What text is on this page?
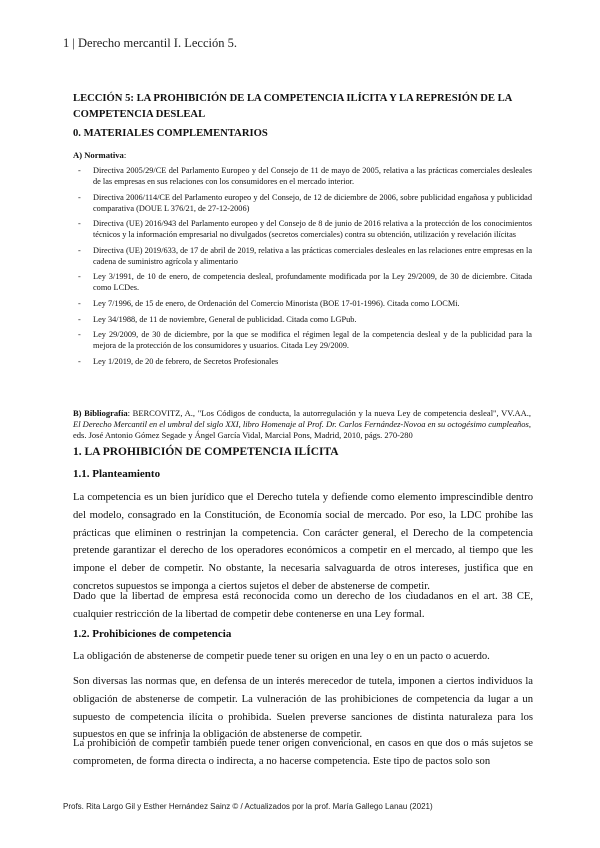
1 | Derecho mercantil I. Lección 5.
LECCIÓN 5: LA PROHIBICIÓN DE LA COMPETENCIA ILÍCITA Y LA REPRESIÓN DE LA COMPETENCIA DESLEAL
0. MATERIALES COMPLEMENTARIOS

A) Normativa:

- Directiva 2005/29/CE del Parlamento Europeo y del Consejo de 11 de mayo de 2005, relativa a las prácticas comerciales desleales de las empresas en sus relaciones con los consumidores en el mercado interior.
- Directiva 2006/114/CE del Parlamento europeo y del Consejo, de 12 de diciembre de 2006, sobre publicidad engañosa y publicidad comparativa (DOUE L 376/21, de 27-12-2006)
- Directiva (UE) 2016/943 del Parlamento europeo y del Consejo de 8 de junio de 2016 relativa a la protección de los conocimientos técnicos y la información empresarial no divulgados (secretos comerciales) contra su obtención, utilización y revelación ilícitas
- Directiva (UE) 2019/633, de 17 de abril de 2019, relativa a las prácticas comerciales desleales en las relaciones entre empresas en la cadena de suministro agrícola y alimentario
- Ley 3/1991, de 10 de enero, de competencia desleal, profundamente modificada por la Ley 29/2009, de 30 de diciembre. Citada como LCDes.
- Ley 7/1996, de 15 de enero, de Ordenación del Comercio Minorista (BOE 17-01-1996). Citada como LOCMi.
- Ley 34/1988, de 11 de noviembre, General de publicidad. Citada como LGPub.
- Ley 29/2009, de 30 de diciembre, por la que se modifica el régimen legal de la competencia desleal y de la publicidad para la mejora de la protección de los consumidores y usuarios. Citada Ley 29/2009.
- Ley 1/2019, de 20 de febrero, de Secretos Profesionales

B) Bibliografía: BERCOVITZ, A., "Los Códigos de conducta, la autorregulación y la nueva Ley de competencia desleal", VV.AA., El Derecho Mercantil en el umbral del siglo XXI, libro Homenaje al Prof. Dr. Carlos Fernández-Novoa en su octogésimo cumpleaños, eds. José Antonio Gómez Segade y Ángel García Vidal, Marcial Pons, Madrid, 2010, págs. 270-280

1. LA PROHIBICIÓN DE COMPETENCIA ILÍCITA
1.1. Planteamiento

La competencia es un bien jurídico que el Derecho tutela y defiende como elemento imprescindible dentro del modelo, consagrado en la Constitución, de Economía social de mercado. Por eso, la LDC prohíbe las prácticas que eliminen o restrinjan la competencia. Con carácter general, el Derecho de la competencia pretende garantizar el derecho de los operadores económicos a competir en el mercado, al tiempo que les impone el deber de competir. No obstante, la necesaria salvaguarda de otros intereses, justifica que en concretos supuestos se imponga a ciertos sujetos el deber de abstenerse de competir.

Dado que la libertad de empresa está reconocida como un derecho de los ciudadanos en el art. 38 CE, cualquier restricción de la libertad de competir debe contenerse en una Ley formal.

1.2. Prohibiciones de competencia

La obligación de abstenerse de competir puede tener su origen en una ley o en un pacto o acuerdo.

Son diversas las normas que, en defensa de un interés merecedor de tutela, imponen a ciertos individuos la obligación de abstenerse de competir. La vulneración de las prohibiciones de competencia da lugar a un supuesto de competencia ilícita o prohibida. Suelen preverse sanciones de distinta naturaleza para los supuestos en que se infrinja la obligación de abstenerse de competir.

La prohibición de competir también puede tener origen convencional, en casos en que dos o más sujetos se comprometen, de forma directa o indirecta, a no hacerse competencia. Este tipo de pactos solo son

Profs. Rita Largo Gil y Esther Hernández Sainz © / Actualizados por la prof. María Gallego Lanau (2021)
